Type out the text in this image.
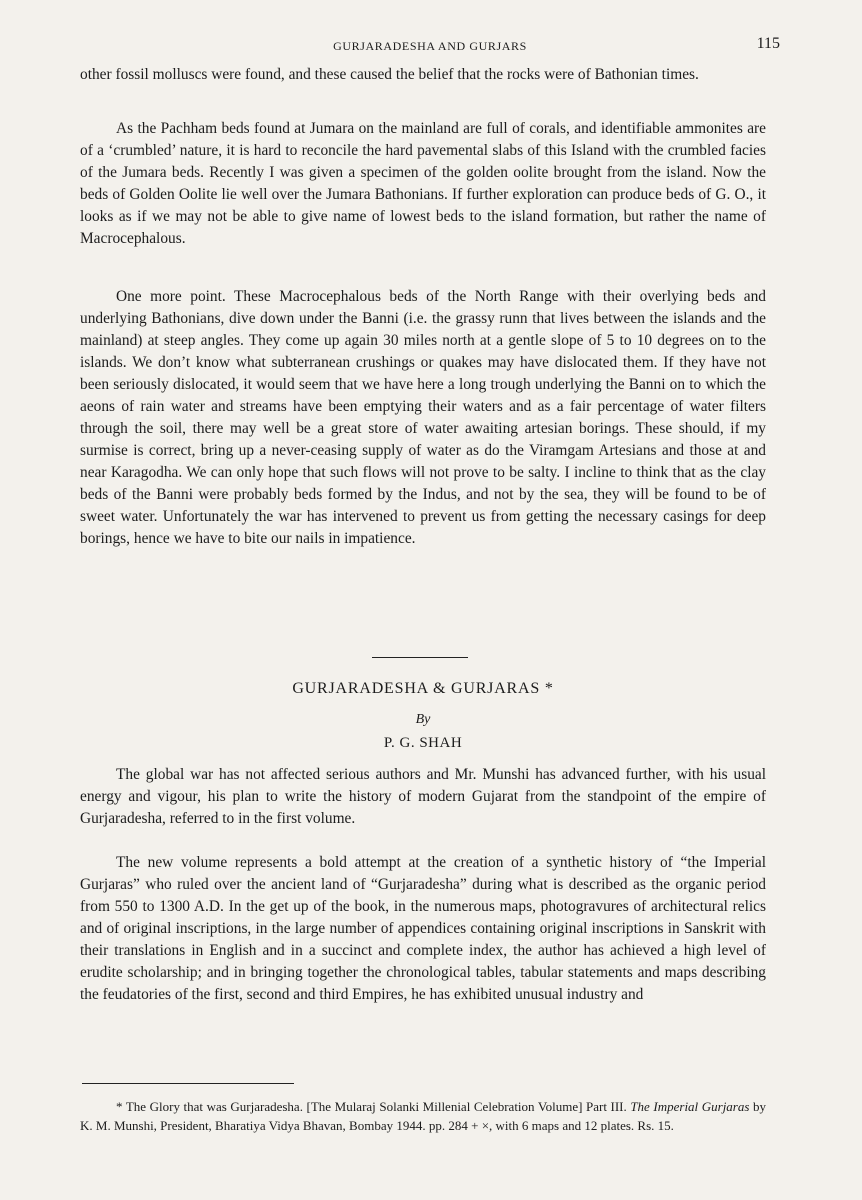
GURJARADESHA AND GURJARS	115

other fossil molluscs were found, and these caused the belief that the rocks were of Bathonian times.

As the Pachham beds found at Jumara on the mainland are full of corals, and identifiable ammonites are of a ‘crumbled’ nature, it is hard to reconcile the hard pavemental slabs of this Island with the crumbled facies of the Jumara beds. Recently I was given a specimen of the golden oolite brought from the island. Now the beds of Golden Oolite lie well over the Jumara Bathonians. If further exploration can produce beds of G. O., it looks as if we may not be able to give name of lowest beds to the island formation, but rather the name of Macrocephalous.

One more point. These Macrocephalous beds of the North Range with their overlying beds and underlying Bathonians, dive down under the Banni (i.e. the grassy runn that lives between the islands and the mainland) at steep angles. They come up again 30 miles north at a gentle slope of 5 to 10 degrees on to the islands. We don’t know what subterranean crushings or quakes may have dislocated them. If they have not been seriously dislocated, it would seem that we have here a long trough underlying the Banni on to which the aeons of rain water and streams have been emptying their waters and as a fair percentage of water filters through the soil, there may well be a great store of water awaiting artesian borings. These should, if my surmise is correct, bring up a never-ceasing supply of water as do the Viramgam Artesians and those at and near Karagodha. We can only hope that such flows will not prove to be salty. I incline to think that as the clay beds of the Banni were probably beds formed by the Indus, and not by the sea, they will be found to be of sweet water. Unfortunately the war has intervened to prevent us from getting the necessary casings for deep borings, hence we have to bite our nails in impatience.

GURJARADESHA & GURJARAS *

By

P. G. SHAH

The global war has not affected serious authors and Mr. Munshi has advanced further, with his usual energy and vigour, his plan to write the history of modern Gujarat from the standpoint of the empire of Gurjaradesha, referred to in the first volume.

The new volume represents a bold attempt at the creation of a synthetic history of “the Imperial Gurjaras” who ruled over the ancient land of “Gurjaradesha” during what is described as the organic period from 550 to 1300 A.D. In the get up of the book, in the numerous maps, photogravures of architectural relics and of original inscriptions, in the large number of appendices containing original inscriptions in Sanskrit with their translations in English and in a succinct and complete index, the author has achieved a high level of erudite scholarship; and in bringing together the chronological tables, tabular statements and maps describing the feudatories of the first, second and third Empires, he has exhibited unusual industry and

* The Glory that was Gurjaradesha. [The Mularaj Solanki Millenial Celebration Volume] Part III. The Imperial Gurjaras by K. M. Munshi, President, Bharatiya Vidya Bhavan, Bombay 1944. pp. 284 + ×, with 6 maps and 12 plates. Rs. 15.
